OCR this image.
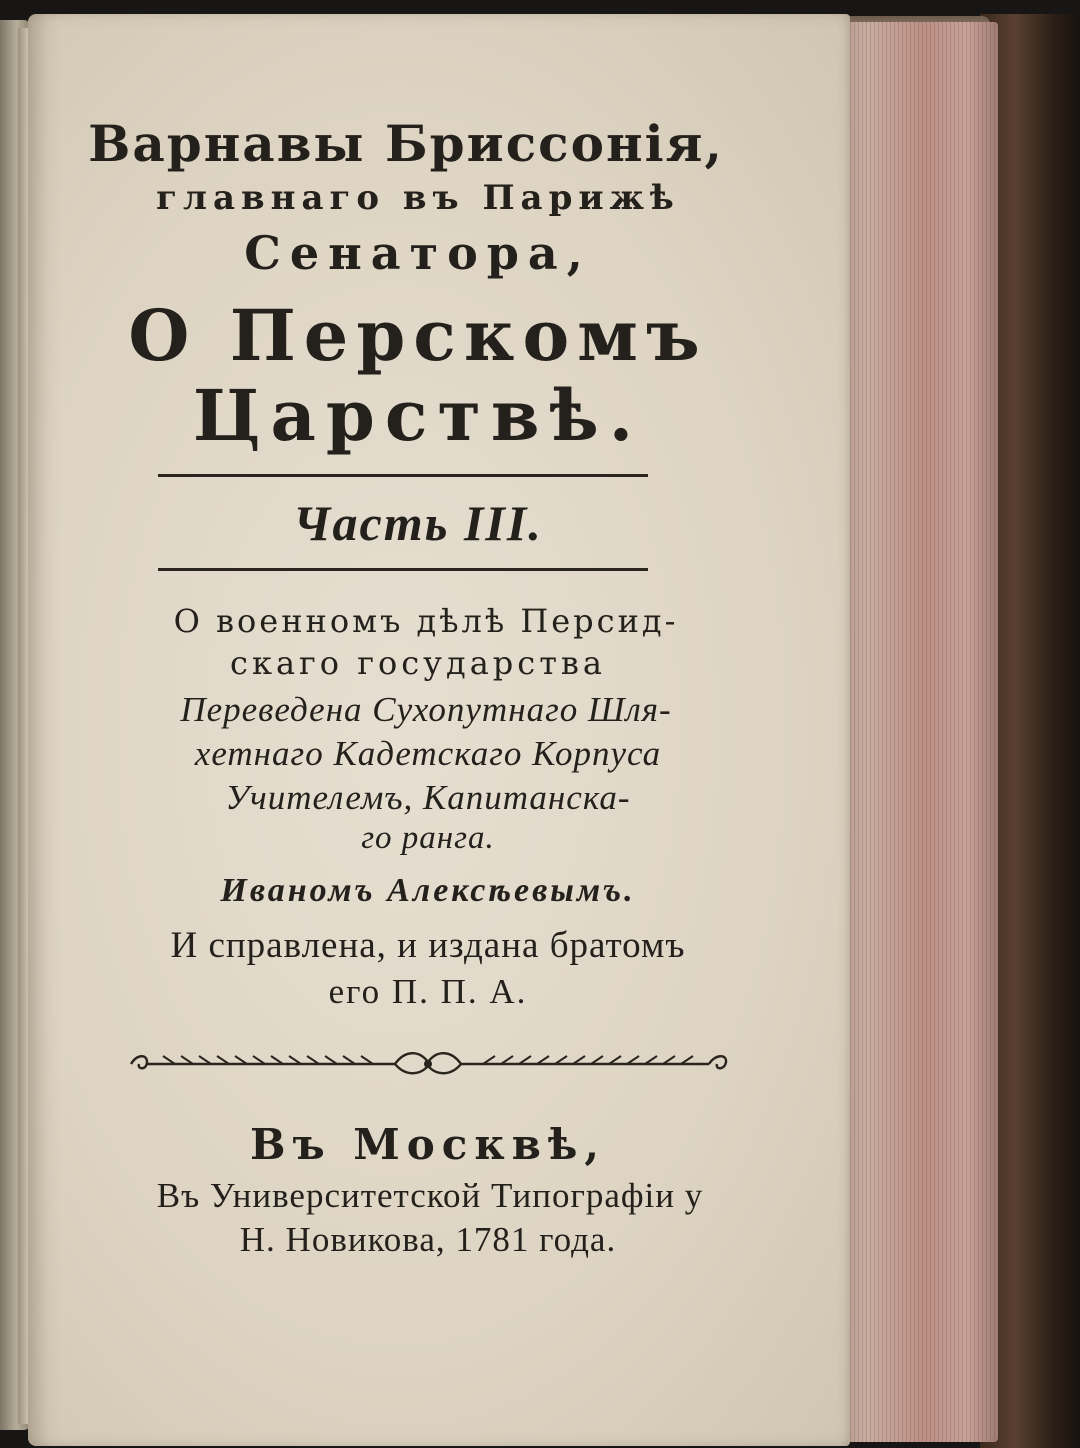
Варнавы Бриссонія,
главнаго въ Парижѣ
Сенатора,
О Перскомъ
Царствѣ.
Часть III.
О военномъ дѣлѣ Персид-
скаго государства
Переведена Сухопутнаго Шля-
хетнаго Кадетскаго Корпуса
Учителемъ, Капитанска-
го ранга.
Иваномъ Алексѣевымъ.
И справлена, и издана братомъ
его П. П. А.
Въ Москвѣ,
Въ Университетской Типографіи у
Н. Новикова, 1781 года.
